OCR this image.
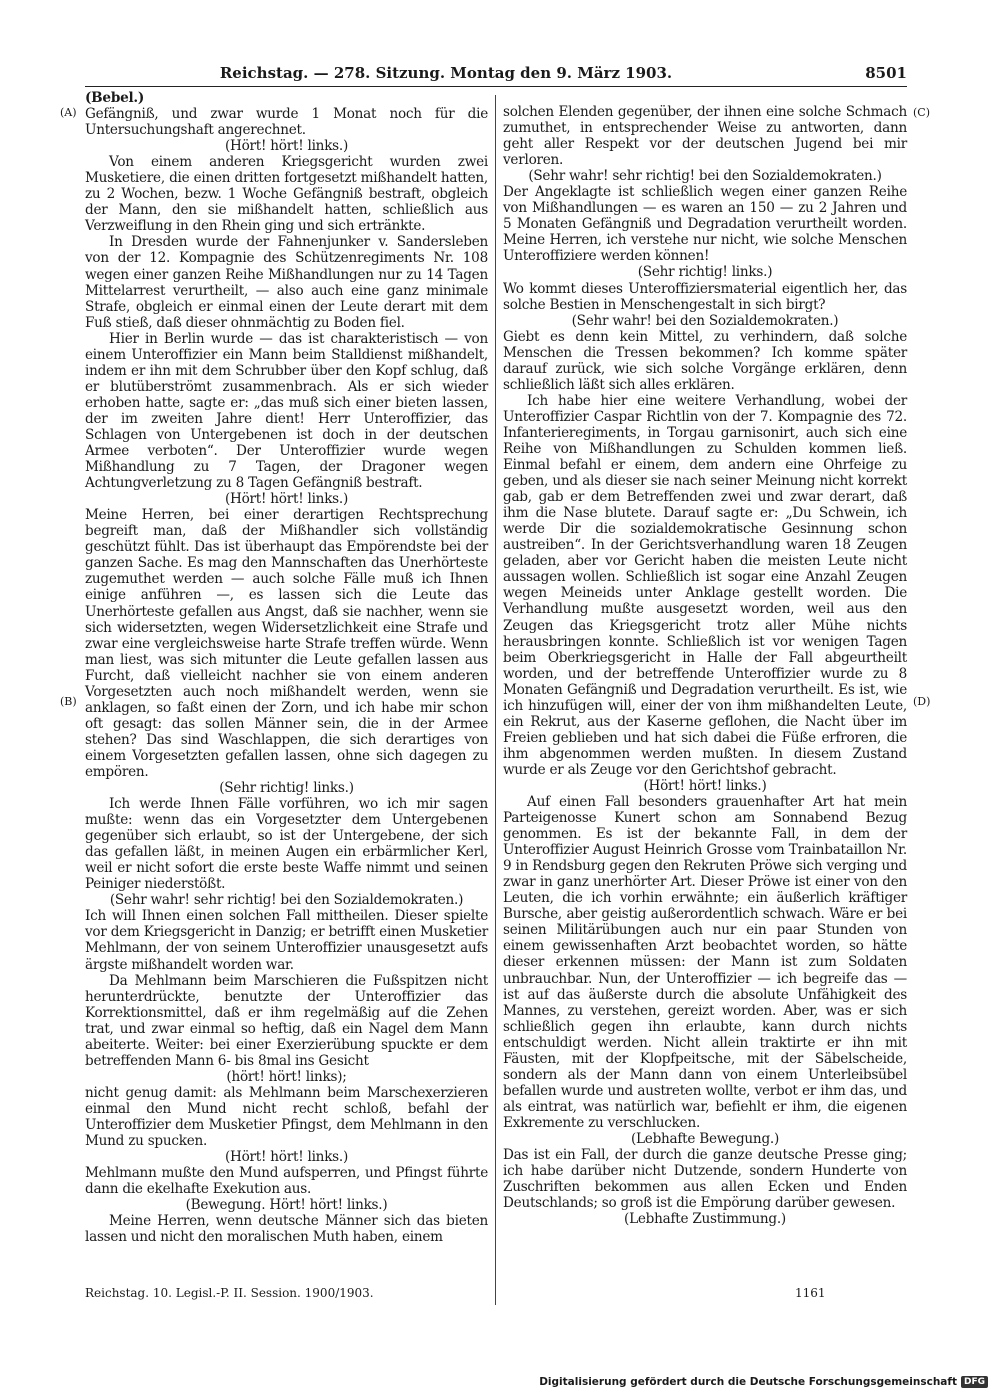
Reichstag. — 278. Sitzung. Montag den 9. März 1903.	8501
(A)
(B)
(C)
(D)

(Bebel.)

Gefängniß, und zwar wurde 1 Monat noch für die Untersuchungshaft angerechnet.

(Hört! hört! links.)

Von einem anderen Kriegsgericht wurden zwei Musketiere, die einen dritten fortgesetzt mißhandelt hatten, zu 2 Wochen, bezw. 1 Woche Gefängniß bestraft, obgleich der Mann, den sie mißhandelt hatten, schließlich aus Verzweiflung in den Rhein ging und sich ertränkte.

In Dresden wurde der Fahnenjunker v. Sandersleben von der 12. Kompagnie des Schützenregiments Nr. 108 wegen einer ganzen Reihe Mißhandlungen nur zu 14 Tagen Mittelarrest verurtheilt, — also auch eine ganz minimale Strafe, obgleich er einmal einen der Leute derart mit dem Fuß stieß, daß dieser ohnmächtig zu Boden fiel.

Hier in Berlin wurde — das ist charakteristisch — von einem Unteroffizier ein Mann beim Stalldienst mißhandelt, indem er ihn mit dem Schrubber über den Kopf schlug, daß er blutüberströmt zusammenbrach. Als er sich wieder erhoben hatte, sagte er: „das muß sich einer bieten lassen, der im zweiten Jahre dient! Herr Unteroffizier, das Schlagen von Untergebenen ist doch in der deutschen Armee verboten“. Der Unteroffizier wurde wegen Mißhandlung zu 7 Tagen, der Dragoner wegen Achtungverletzung zu 8 Tagen Gefängniß bestraft.

(Hört! hört! links.)

Meine Herren, bei einer derartigen Rechtsprechung begreift man, daß der Mißhandler sich vollständig geschützt fühlt. Das ist überhaupt das Empörendste bei der ganzen Sache. Es mag den Mannschaften das Unerhörteste zugemuthet werden — auch solche Fälle muß ich Ihnen einige anführen —, es lassen sich die Leute das Unerhörteste gefallen aus Angst, daß sie nachher, wenn sie sich widersetzten, wegen Widersetzlichkeit eine Strafe und zwar eine vergleichsweise harte Strafe treffen würde. Wenn man liest, was sich mitunter die Leute gefallen lassen aus Furcht, daß vielleicht nachher sie von einem anderen Vorgesetzten auch noch mißhandelt werden, wenn sie anklagen, so faßt einen der Zorn, und ich habe mir schon oft gesagt: das sollen Männer sein, die in der Armee stehen? Das sind Waschlappen, die sich derartiges von einem Vorgesetzten gefallen lassen, ohne sich dagegen zu empören.

(Sehr richtig! links.)

Ich werde Ihnen Fälle vorführen, wo ich mir sagen mußte: wenn das ein Vorgesetzter dem Untergebenen gegenüber sich erlaubt, so ist der Untergebene, der sich das gefallen läßt, in meinen Augen ein erbärmlicher Kerl, weil er nicht sofort die erste beste Waffe nimmt und seinen Peiniger niederstößt.

(Sehr wahr! sehr richtig! bei den Sozialdemokraten.)

Ich will Ihnen einen solchen Fall mittheilen. Dieser spielte vor dem Kriegsgericht in Danzig; er betrifft einen Musketier Mehlmann, der von seinem Unteroffizier unausgesetzt aufs ärgste mißhandelt worden war.

Da Mehlmann beim Marschieren die Fußspitzen nicht herunterdrückte, benutzte der Unteroffizier das Korrektionsmittel, daß er ihm regelmäßig auf die Zehen trat, und zwar einmal so heftig, daß ein Nagel dem Mann abeiterte. Weiter: bei einer Exerzierübung spuckte er dem betreffenden Mann 6- bis 8mal ins Gesicht

(hört! hört! links);

nicht genug damit: als Mehlmann beim Marschexerzieren einmal den Mund nicht recht schloß, befahl der Unteroffizier dem Musketier Pfingst, dem Mehlmann in den Mund zu spucken.

(Hört! hört! links.)

Mehlmann mußte den Mund aufsperren, und Pfingst führte dann die ekelhafte Exekution aus.

(Bewegung. Hört! hört! links.)

Meine Herren, wenn deutsche Männer sich das bieten lassen und nicht den moralischen Muth haben, einem

solchen Elenden gegenüber, der ihnen eine solche Schmach zumuthet, in entsprechender Weise zu antworten, dann geht aller Respekt vor der deutschen Jugend bei mir verloren.

(Sehr wahr! sehr richtig! bei den Sozialdemokraten.)

Der Angeklagte ist schließlich wegen einer ganzen Reihe von Mißhandlungen — es waren an 150 — zu 2 Jahren und 5 Monaten Gefängniß und Degradation verurtheilt worden. Meine Herren, ich verstehe nur nicht, wie solche Menschen Unteroffiziere werden können!

(Sehr richtig! links.)

Wo kommt dieses Unteroffiziersmaterial eigentlich her, das solche Bestien in Menschengestalt in sich birgt?

(Sehr wahr! bei den Sozialdemokraten.)

Giebt es denn kein Mittel, zu verhindern, daß solche Menschen die Tressen bekommen? Ich komme später darauf zurück, wie sich solche Vorgänge erklären, denn schließlich läßt sich alles erklären.

Ich habe hier eine weitere Verhandlung, wobei der Unteroffizier Caspar Richtlin von der 7. Kompagnie des 72. Infanterieregiments, in Torgau garnisonirt, auch sich eine Reihe von Mißhandlungen zu Schulden kommen ließ. Einmal befahl er einem, dem andern eine Ohrfeige zu geben, und als dieser sie nach seiner Meinung nicht korrekt gab, gab er dem Betreffenden zwei und zwar derart, daß ihm die Nase blutete. Darauf sagte er: „Du Schwein, ich werde Dir die sozialdemokratische Gesinnung schon austreiben“. In der Gerichtsverhandlung waren 18 Zeugen geladen, aber vor Gericht haben die meisten Leute nicht aussagen wollen. Schließlich ist sogar eine Anzahl Zeugen wegen Meineids unter Anklage gestellt worden. Die Verhandlung mußte ausgesetzt worden, weil aus den Zeugen das Kriegsgericht trotz aller Mühe nichts herausbringen konnte. Schließlich ist vor wenigen Tagen beim Oberkriegsgericht in Halle der Fall abgeurtheilt worden, und der betreffende Unteroffizier wurde zu 8 Monaten Gefängniß und Degradation verurtheilt. Es ist, wie ich hinzufügen will, einer der von ihm mißhandelten Leute, ein Rekrut, aus der Kaserne geflohen, die Nacht über im Freien geblieben und hat sich dabei die Füße erfroren, die ihm abgenommen werden mußten. In diesem Zustand wurde er als Zeuge vor den Gerichtshof gebracht.

(Hört! hört! links.)

Auf einen Fall besonders grauenhafter Art hat mein Parteigenosse Kunert schon am Sonnabend Bezug genommen. Es ist der bekannte Fall, in dem der Unteroffizier August Heinrich Grosse vom Trainbataillon Nr. 9 in Rendsburg gegen den Rekruten Pröwe sich verging und zwar in ganz unerhörter Art. Dieser Pröwe ist einer von den Leuten, die ich vorhin erwähnte; ein äußerlich kräftiger Bursche, aber geistig außerordentlich schwach. Wäre er bei seinen Militärübungen auch nur ein paar Stunden von einem gewissenhaften Arzt beobachtet worden, so hätte dieser erkennen müssen: der Mann ist zum Soldaten unbrauchbar. Nun, der Unteroffizier — ich begreife das — ist auf das äußerste durch die absolute Unfähigkeit des Mannes, zu verstehen, gereizt worden. Aber, was er sich schließlich gegen ihn erlaubte, kann durch nichts entschuldigt werden. Nicht allein traktirte er ihn mit Fäusten, mit der Klopfpeitsche, mit der Säbelscheide, sondern als der Mann dann von einem Unterleibsübel befallen wurde und austreten wollte, verbot er ihm das, und als eintrat, was natürlich war, befiehlt er ihm, die eigenen Exkremente zu verschlucken.

(Lebhafte Bewegung.)

Das ist ein Fall, der durch die ganze deutsche Presse ging; ich habe darüber nicht Dutzende, sondern Hunderte von Zuschriften bekommen aus allen Ecken und Enden Deutschlands; so groß ist die Empörung darüber gewesen.

(Lebhafte Zustimmung.)

Reichstag. 10. Legisl.-P. II. Session. 1900/1903.	1161
Digitalisierung gefördert durch die Deutsche Forschungsgemeinschaft DFG
